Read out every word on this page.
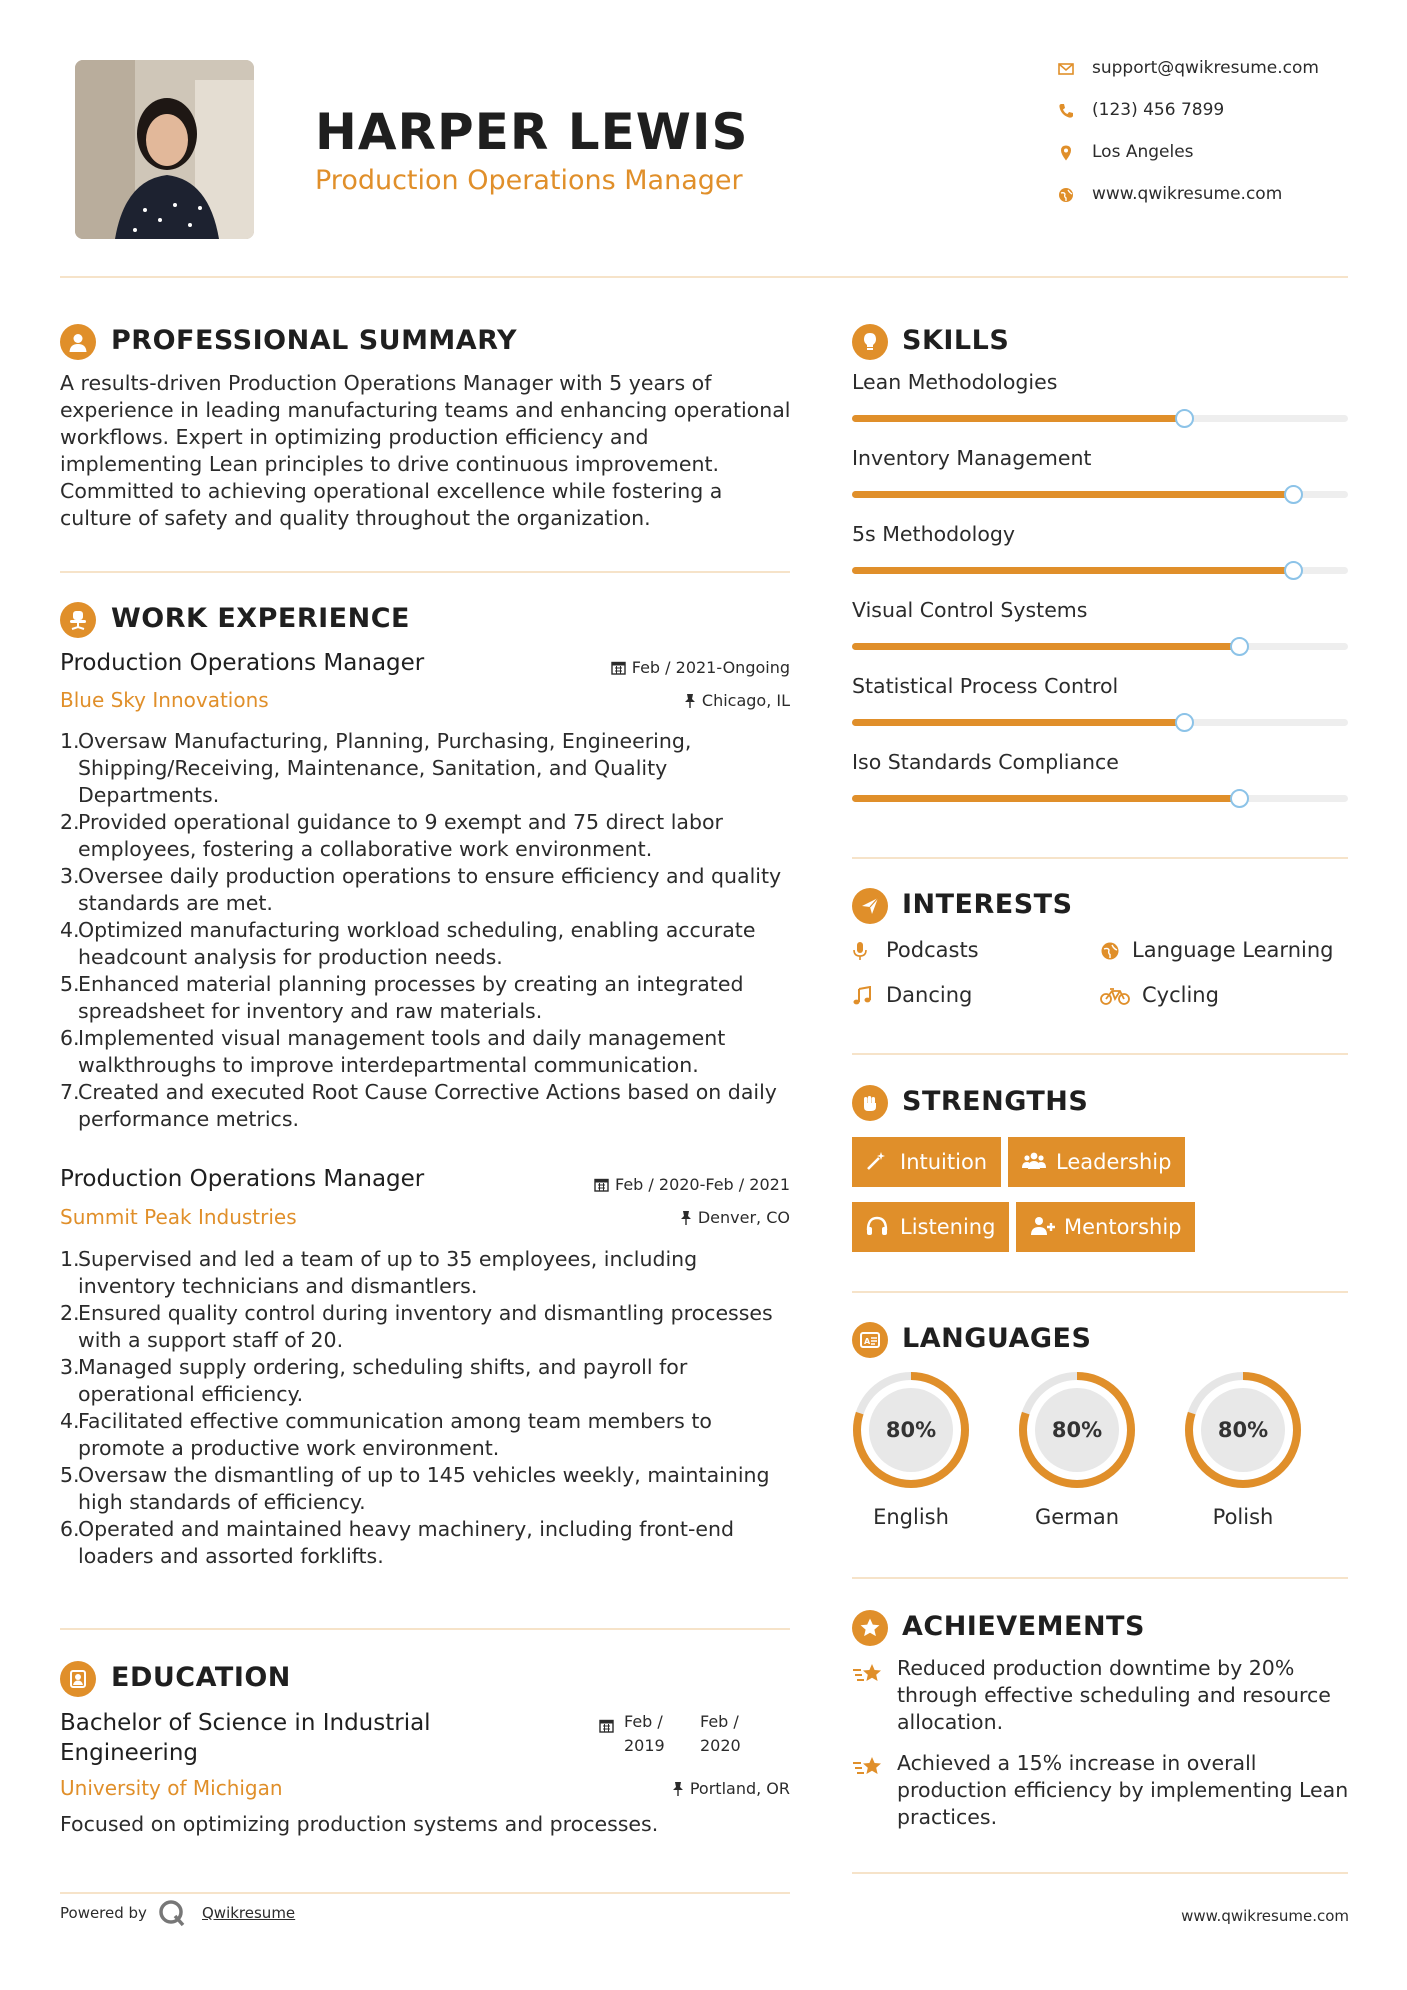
HARPER LEWIS
Production Operations Manager
support@qwikresume.com
(123) 456 7899
Los Angeles
www.qwikresume.com
PROFESSIONAL SUMMARY
A results-driven Production Operations Manager with 5 years of experience in leading manufacturing teams and enhancing operational workflows. Expert in optimizing production efficiency and implementing Lean principles to drive continuous improvement. Committed to achieving operational excellence while fostering a culture of safety and quality throughout the organization.
WORK EXPERIENCE
Production Operations Manager	Feb / 2021-Ongoing
Blue Sky Innovations	Chicago, IL
1.
Oversaw Manufacturing, Planning, Purchasing, Engineering, Shipping/Receiving, Maintenance, Sanitation, and Quality Departments.
2.
Provided operational guidance to 9 exempt and 75 direct labor employees, fostering a collaborative work environment.
3.
Oversee daily production operations to ensure efficiency and quality standards are met.
4.
Optimized manufacturing workload scheduling, enabling accurate headcount analysis for production needs.
5.
Enhanced material planning processes by creating an integrated spreadsheet for inventory and raw materials.
6.
Implemented visual management tools and daily management walkthroughs to improve interdepartmental communication.
7.
Created and executed Root Cause Corrective Actions based on daily performance metrics.
Production Operations Manager	Feb / 2020-Feb / 2021
Summit Peak Industries	Denver, CO
1.
Supervised and led a team of up to 35 employees, including inventory technicians and dismantlers.
2.
Ensured quality control during inventory and dismantling processes with a support staff of 20.
3.
Managed supply ordering, scheduling shifts, and payroll for operational efficiency.
4.
Facilitated effective communication among team members to promote a productive work environment.
5.
Oversaw the dismantling of up to 145 vehicles weekly, maintaining high standards of efficiency.
6.
Operated and maintained heavy machinery, including front-end loaders and assorted forklifts.
EDUCATION
Bachelor of Science in Industrial
Engineering
Feb /
2019
Feb /
2020
University of Michigan	Portland, OR
Focused on optimizing production systems and processes.
SKILLS
Lean Methodologies
Inventory Management
5s Methodology
Visual Control Systems
Statistical Process Control
Iso Standards Compliance
INTERESTS
Podcasts	Language Learning
Dancing	Cycling
STRENGTHS
Intuition	Leadership
Listening	Mentorship
A LANGUAGES
80%
English
80%
German
80%
Polish
ACHIEVEMENTS
Reduced production downtime by 20% through effective scheduling and resource allocation.
Achieved a 15% increase in overall production efficiency by implementing Lean practices.
Powered by	Qwikresume	www.qwikresume.com
